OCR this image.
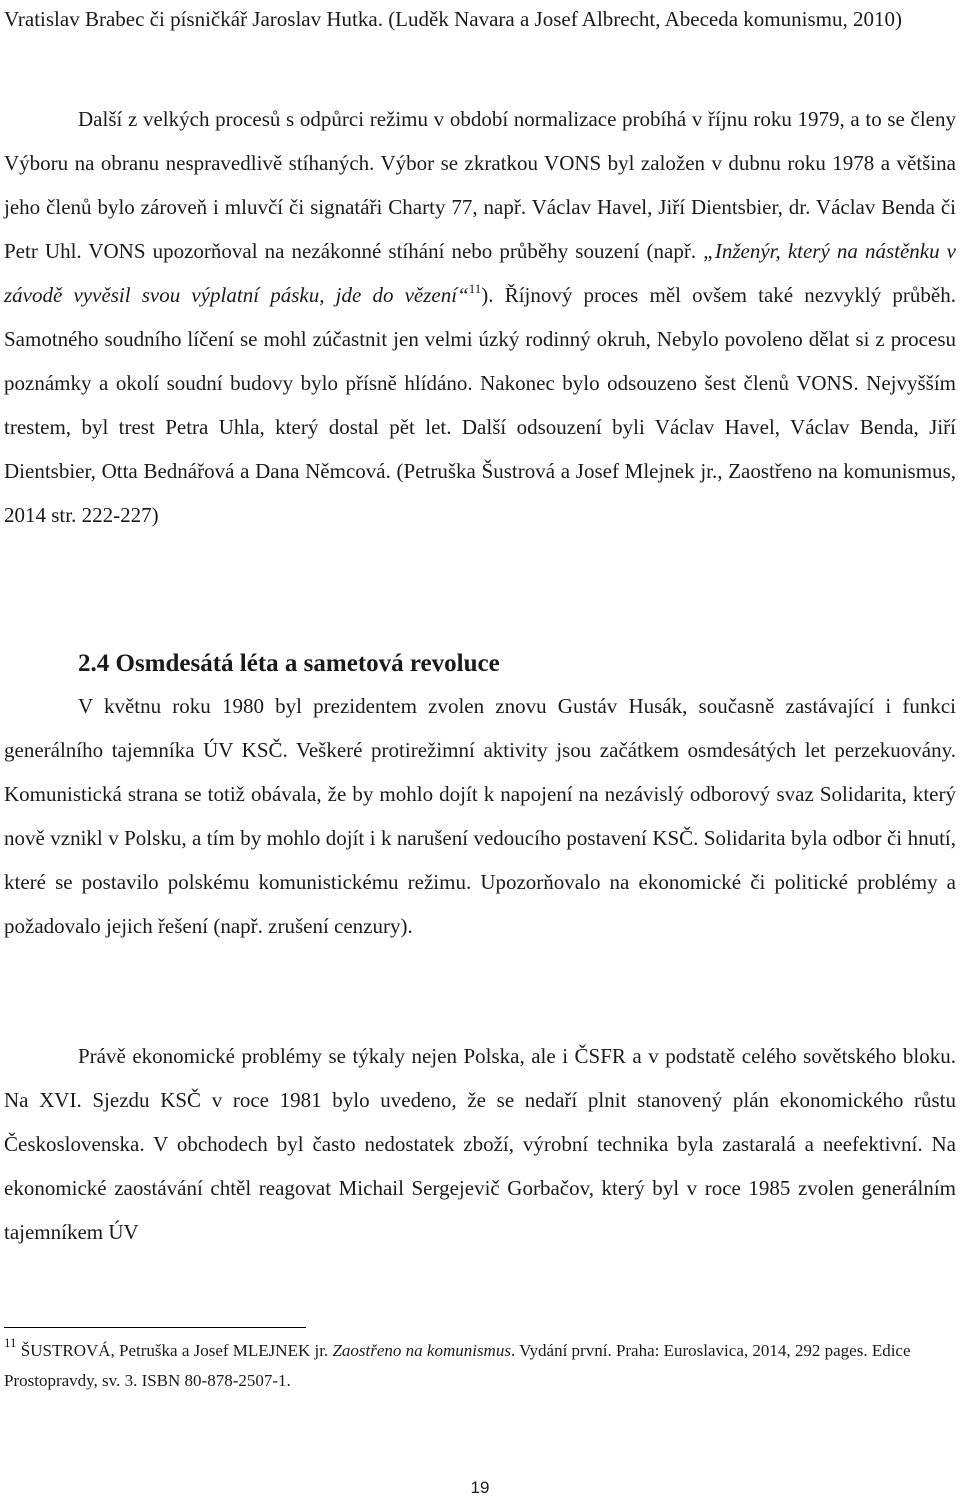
Vratislav Brabec či písničkář Jaroslav Hutka. (Luděk Navara a Josef Albrecht, Abeceda komunismu, 2010)

Další z velkých procesů s odpůrci režimu v období normalizace probíhá v říjnu roku 1979, a to se členy Výboru na obranu nespravedlivě stíhaných. Výbor se zkratkou VONS byl založen v dubnu roku 1978 a většina jeho členů bylo zároveň i mluvčí či signatáři Charty 77, např. Václav Havel, Jiří Dientsbier, dr. Václav Benda či Petr Uhl. VONS upozorňoval na nezákonné stíhání nebo průběhy souzení (např. „Inženýr, který na nástěnku v závodě vyvěsil svou výplatní pásku, jde do vězení“$^{11}$). Říjnový proces měl ovšem také nezvyklý průběh. Samotného soudního líčení se mohl zúčastnit jen velmi úzký rodinný okruh, Nebylo povoleno dělat si z procesu poznámky a okolí soudní budovy bylo přísně hlídáno. Nakonec bylo odsouzeno šest členů VONS. Nejvyšším trestem, byl trest Petra Uhla, který dostal pět let. Další odsouzení byli Václav Havel, Václav Benda, Jiří Dientsbier, Otta Bednářová a Dana Němcová. (Petruška Šustrová a Josef Mlejnek jr., Zaostřeno na komunismus, 2014 str. 222-227)

2.4 Osmdesátá léta a sametová revoluce

V květnu roku 1980 byl prezidentem zvolen znovu Gustáv Husák, současně zastávající i funkci generálního tajemníka ÚV KSČ. Veškeré protirežimní aktivity jsou začátkem osmdesátých let perzekuovány. Komunistická strana se totiž obávala, že by mohlo dojít k napojení na nezávislý odborový svaz Solidarita, který nově vznikl v Polsku, a tím by mohlo dojít i k narušení vedoucího postavení KSČ. Solidarita byla odbor či hnutí, které se postavilo polskému komunistickému režimu. Upozorňovalo na ekonomické či politické problémy a požadovalo jejich řešení (např. zrušení cenzury).

Právě ekonomické problémy se týkaly nejen Polska, ale i ČSFR a v podstatě celého sovětského bloku. Na XVI. Sjezdu KSČ v roce 1981 bylo uvedeno, že se nedaří plnit stanovený plán ekonomického růstu Československa. V obchodech byl často nedostatek zboží, výrobní technika byla zastaralá a neefektivní. Na ekonomické zaostávání chtěl reagovat Michail Sergejevič Gorbačov, který byl v roce 1985 zvolen generálním tajemníkem ÚV

$^{11}$ ŠUSTROVÁ, Petruška a Josef MLEJNEK jr. Zaostřeno na komunismus. Vydání první. Praha: Euroslavica, 2014, 292 pages. Edice Prostopravdy, sv. 3. ISBN 80-878-2507-1.

19
